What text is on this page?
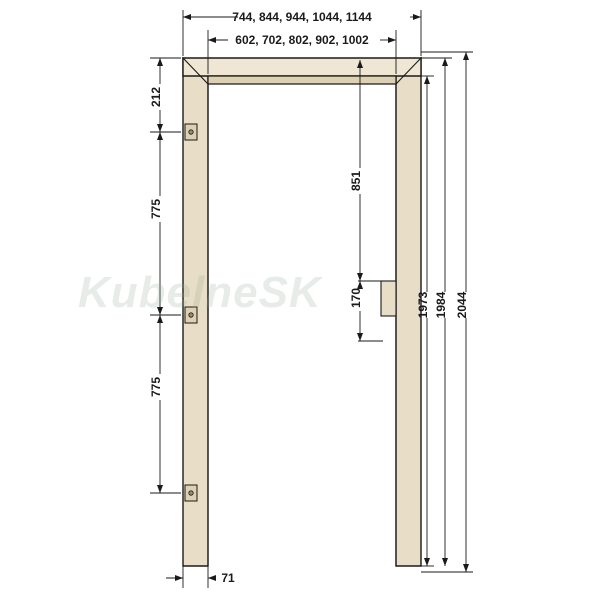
744, 844, 944, 1044, 1144
602, 702, 802, 902, 1002
212
775
775
851
170	1973 1984 2044
71
KubelneSK
